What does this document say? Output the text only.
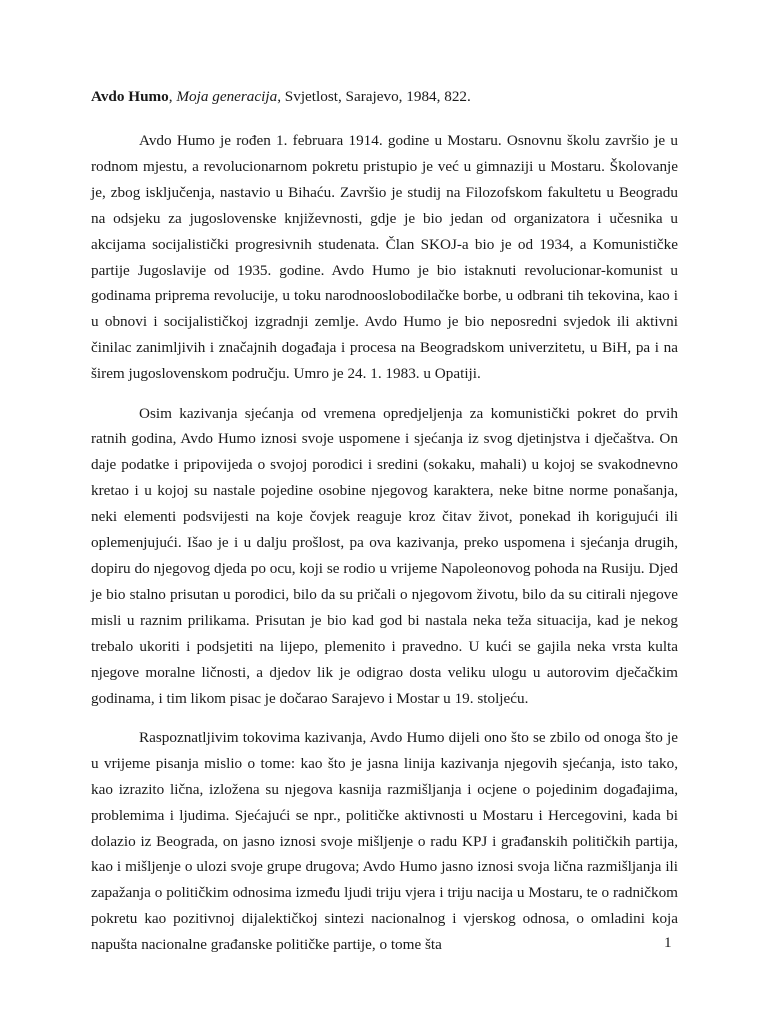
Avdo Humo, Moja generacija, Svjetlost, Sarajevo, 1984, 822.

Avdo Humo je rođen 1. februara 1914. godine u Mostaru. Osnovnu školu završio je u rodnom mjestu, a revolucionarnom pokretu pristupio je već u gimnaziji u Mostaru. Školovanje je, zbog isključenja, nastavio u Bihaću. Završio je studij na Filozofskom fakultetu u Beogradu na odsjeku za jugoslovenske književnosti, gdje je bio jedan od organizatora i učesnika u akcijama socijalistički progresivnih studenata. Član SKOJ-a bio je od 1934, a Komunističke partije Jugoslavije od 1935. godine. Avdo Humo je bio istaknuti revolucionar-komunist u godinama priprema revolucije, u toku narodnooslobodilačke borbe, u odbrani tih tekovina, kao i u obnovi i socijalističkoj izgradnji zemlje. Avdo Humo je bio neposredni svjedok ili aktivni činilac zanimljivih i značajnih događaja i procesa na Beogradskom univerzitetu, u BiH, pa i na širem jugoslovenskom području. Umro je 24. 1. 1983. u Opatiji.

Osim kazivanja sjećanja od vremena opredjeljenja za komunistički pokret do prvih ratnih godina, Avdo Humo iznosi svoje uspomene i sjećanja iz svog djetinjstva i dječaštva. On daje podatke i pripovijeda o svojoj porodici i sredini (sokaku, mahali) u kojoj se svakodnevno kretao i u kojoj su nastale pojedine osobine njegovog karaktera, neke bitne norme ponašanja, neki elementi podsvijesti na koje čovjek reaguje kroz čitav život, ponekad ih korigujući ili oplemenjujući. Išao je i u dalju prošlost, pa ova kazivanja, preko uspomena i sjećanja drugih, dopiru do njegovog djeda po ocu, koji se rodio u vrijeme Napoleonovog pohoda na Rusiju. Djed je bio stalno prisutan u porodici, bilo da su pričali o njegovom životu, bilo da su citirali njegove misli u raznim prilikama. Prisutan je bio kad god bi nastala neka teža situacija, kad je nekog trebalo ukoriti i podsjetiti na lijepo, plemenito i pravedno. U kući se gajila neka vrsta kulta njegove moralne ličnosti, a djedov lik je odigrao dosta veliku ulogu u autorovim dječačkim godinama, i tim likom pisac je dočarao Sarajevo i Mostar u 19. stoljeću.

Raspoznatljivim tokovima kazivanja, Avdo Humo dijeli ono što se zbilo od onoga što je u vrijeme pisanja mislio o tome: kao što je jasna linija kazivanja njegovih sjećanja, isto tako, kao izrazito lična, izložena su njegova kasnija razmišljanja i ocjene o pojedinim događajima, problemima i ljudima. Sjećajući se npr., političke aktivnosti u Mostaru i Hercegovini, kada bi dolazio iz Beograda, on jasno iznosi svoje mišljenje o radu KPJ i građanskih političkih partija, kao i mišljenje o ulozi svoje grupe drugova; Avdo Humo jasno iznosi svoja lična razmišljanja ili zapažanja o političkim odnosima između ljudi triju vjera i triju nacija u Mostaru, te o radničkom pokretu kao pozitivnoj dijalektičkoj sintezi nacionalnog i vjerskog odnosa, o omladini koja napušta nacionalne građanske političke partije, o tome šta	1
